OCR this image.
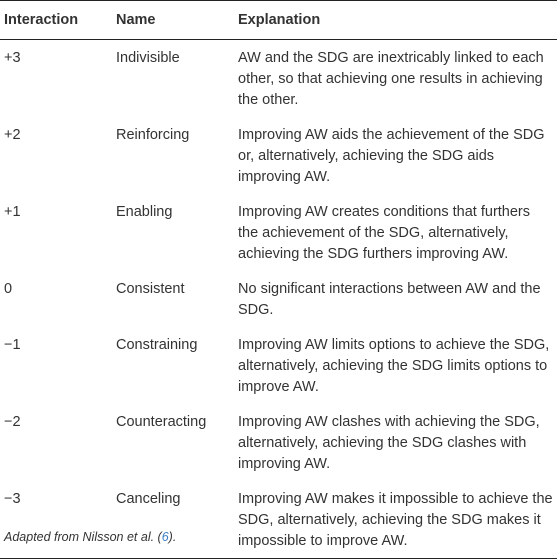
Interaction	Name	Explanation
+3	Indivisible	AW and the SDG are inextricably linked to each other, so that achieving one results in achieving the other.
+2	Reinforcing	Improving AW aids the achievement of the SDG or, alternatively, achieving the SDG aids improving AW.
+1	Enabling	Improving AW creates conditions that furthers the achievement of the SDG, alternatively, achieving the SDG furthers improving AW.
0	Consistent	No significant interactions between AW and the SDG.
−1	Constraining	Improving AW limits options to achieve the SDG, alternatively, achieving the SDG limits options to improve AW.
−2	Counteracting	Improving AW clashes with achieving the SDG, alternatively, achieving the SDG clashes with improving AW.
−3	Canceling	Improving AW makes it impossible to achieve the SDG, alternatively, achieving the SDG makes it impossible to improve AW.
Adapted from Nilsson et al. (6).
